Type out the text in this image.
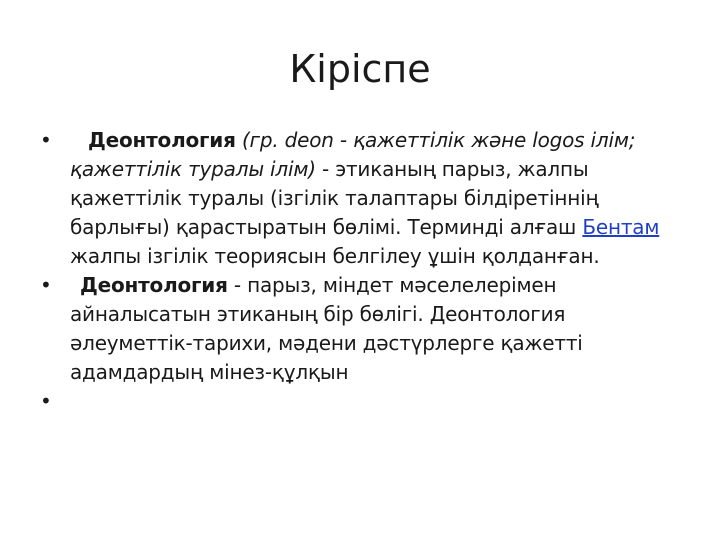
Кіріспе
• Деонтология (гр. deon - қажеттілік және logos ілім; қажеттілік туралы ілім) - этиканың парыз, жалпы қажеттілік туралы (ізгілік талаптары білдіретіннің барлығы) қарастыратын бөлімі. Терминді алғаш Бентам жалпы ізгілік теориясын белгілеу ұшін қолданған.
• Деонтология - парыз, міндет мәселелерімен айналысатын этиканың бір бөлігі. Деонтология әлеуметтік-тарихи, мәдени дәстүрлерге қажетті адамдардың мінез-құлқын
•
